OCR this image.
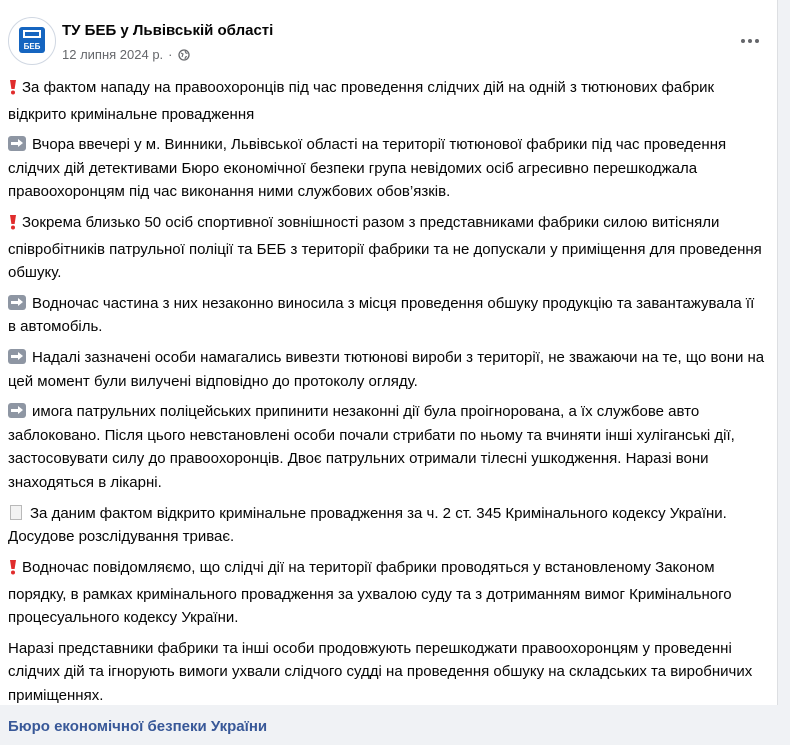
БЕБ
ТУ БЕБ у Львівській області
12 липня 2024 р. ·

За фактом нападу на правоохоронців під час проведення слідчих дій на одній з тютюнових фабрик відкрито кримінальне провадження

Вчора ввечері у м. Винники, Львівської області на території тютюнової фабрики під час проведення слідчих дій детективами Бюро економічної безпеки група невідомих осіб агресивно перешкоджала правоохоронцям під час виконання ними службових обов’язків.

Зокрема близько 50 осіб спортивної зовнішності разом з представниками фабрики силою витісняли співробітників патрульної поліції та БЕБ з території фабрики та не допускали у приміщення для проведення обшуку.

Водночас частина з них незаконно виносила з місця проведення обшуку продукцію та завантажувала її в автомобіль.

Надалі зазначені особи намагались вивезти тютюнові вироби з території, не зважаючи на те, що вони на цей момент були вилучені відповідно до протоколу огляду.

имога патрульних поліцейських припинити незаконні дії була проігнорована, а їх службове авто заблоковано. Після цього невстановлені особи почали стрибати по ньому та вчиняти інші хуліганські дії, застосовувати силу до правоохоронців. Двоє патрульних отримали тілесні ушкодження. Наразі вони знаходяться в лікарні.

За даним фактом відкрито кримінальне провадження за ч. 2 ст. 345 Кримінального кодексу України. Досудове розслідування триває.

Водночас повідомляємо, що слідчі дії на території фабрики проводяться у встановленому Законом порядку, в рамках кримінального провадження за ухвалою суду та з дотриманням вимог Кримінального процесуального кодексу України.

Наразі представники фабрики та інші особи продовжують перешкоджати правоохоронцям у проведенні слідчих дій та ігнорують вимоги ухвали слідчого судді на проведення обшуку на складських та виробничих приміщеннях.

Бюро економічної безпеки України
